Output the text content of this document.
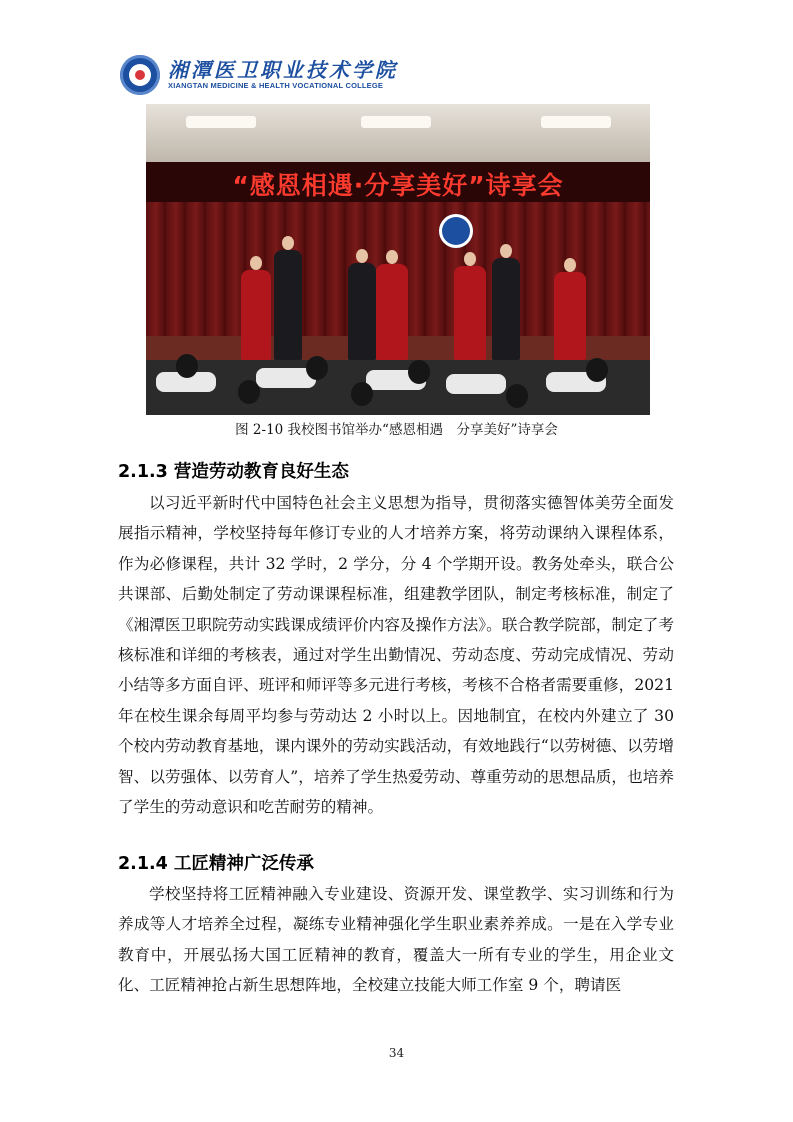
湘潭医卫职业技术学院
XIANGTAN MEDICINE & HEALTH VOCATIONAL COLLEGE
“感恩相遇·分享美好”诗享会
图 2-10 我校图书馆举办“感恩相遇　分享美好”诗享会
2.1.3 营造劳动教育良好生态

以习近平新时代中国特色社会主义思想为指导，贯彻落实德智体美劳全面发展指示精神，学校坚持每年修订专业的人才培养方案，将劳动课纳入课程体系，作为必修课程，共计 32 学时，2 学分，分 4 个学期开设。教务处牵头，联合公共课部、后勤处制定了劳动课课程标准，组建教学团队，制定考核标准，制定了《湘潭医卫职院劳动实践课成绩评价内容及操作方法》。联合教学院部，制定了考核标准和详细的考核表，通过对学生出勤情况、劳动态度、劳动完成情况、劳动小结等多方面自评、班评和师评等多元进行考核，考核不合格者需要重修，2021 年在校生课余每周平均参与劳动达 2 小时以上。因地制宜，在校内外建立了 30 个校内劳动教育基地，课内课外的劳动实践活动，有效地践行“以劳树德、以劳增智、以劳强体、以劳育人”，培养了学生热爱劳动、尊重劳动的思想品质，也培养了学生的劳动意识和吃苦耐劳的精神。

2.1.4 工匠精神广泛传承

学校坚持将工匠精神融入专业建设、资源开发、课堂教学、实习训练和行为养成等人才培养全过程，凝练专业精神强化学生职业素养养成。一是在入学专业教育中，开展弘扬大国工匠精神的教育，覆盖大一所有专业的学生，用企业文化、工匠精神抢占新生思想阵地，全校建立技能大师工作室 9 个，聘请医

34
